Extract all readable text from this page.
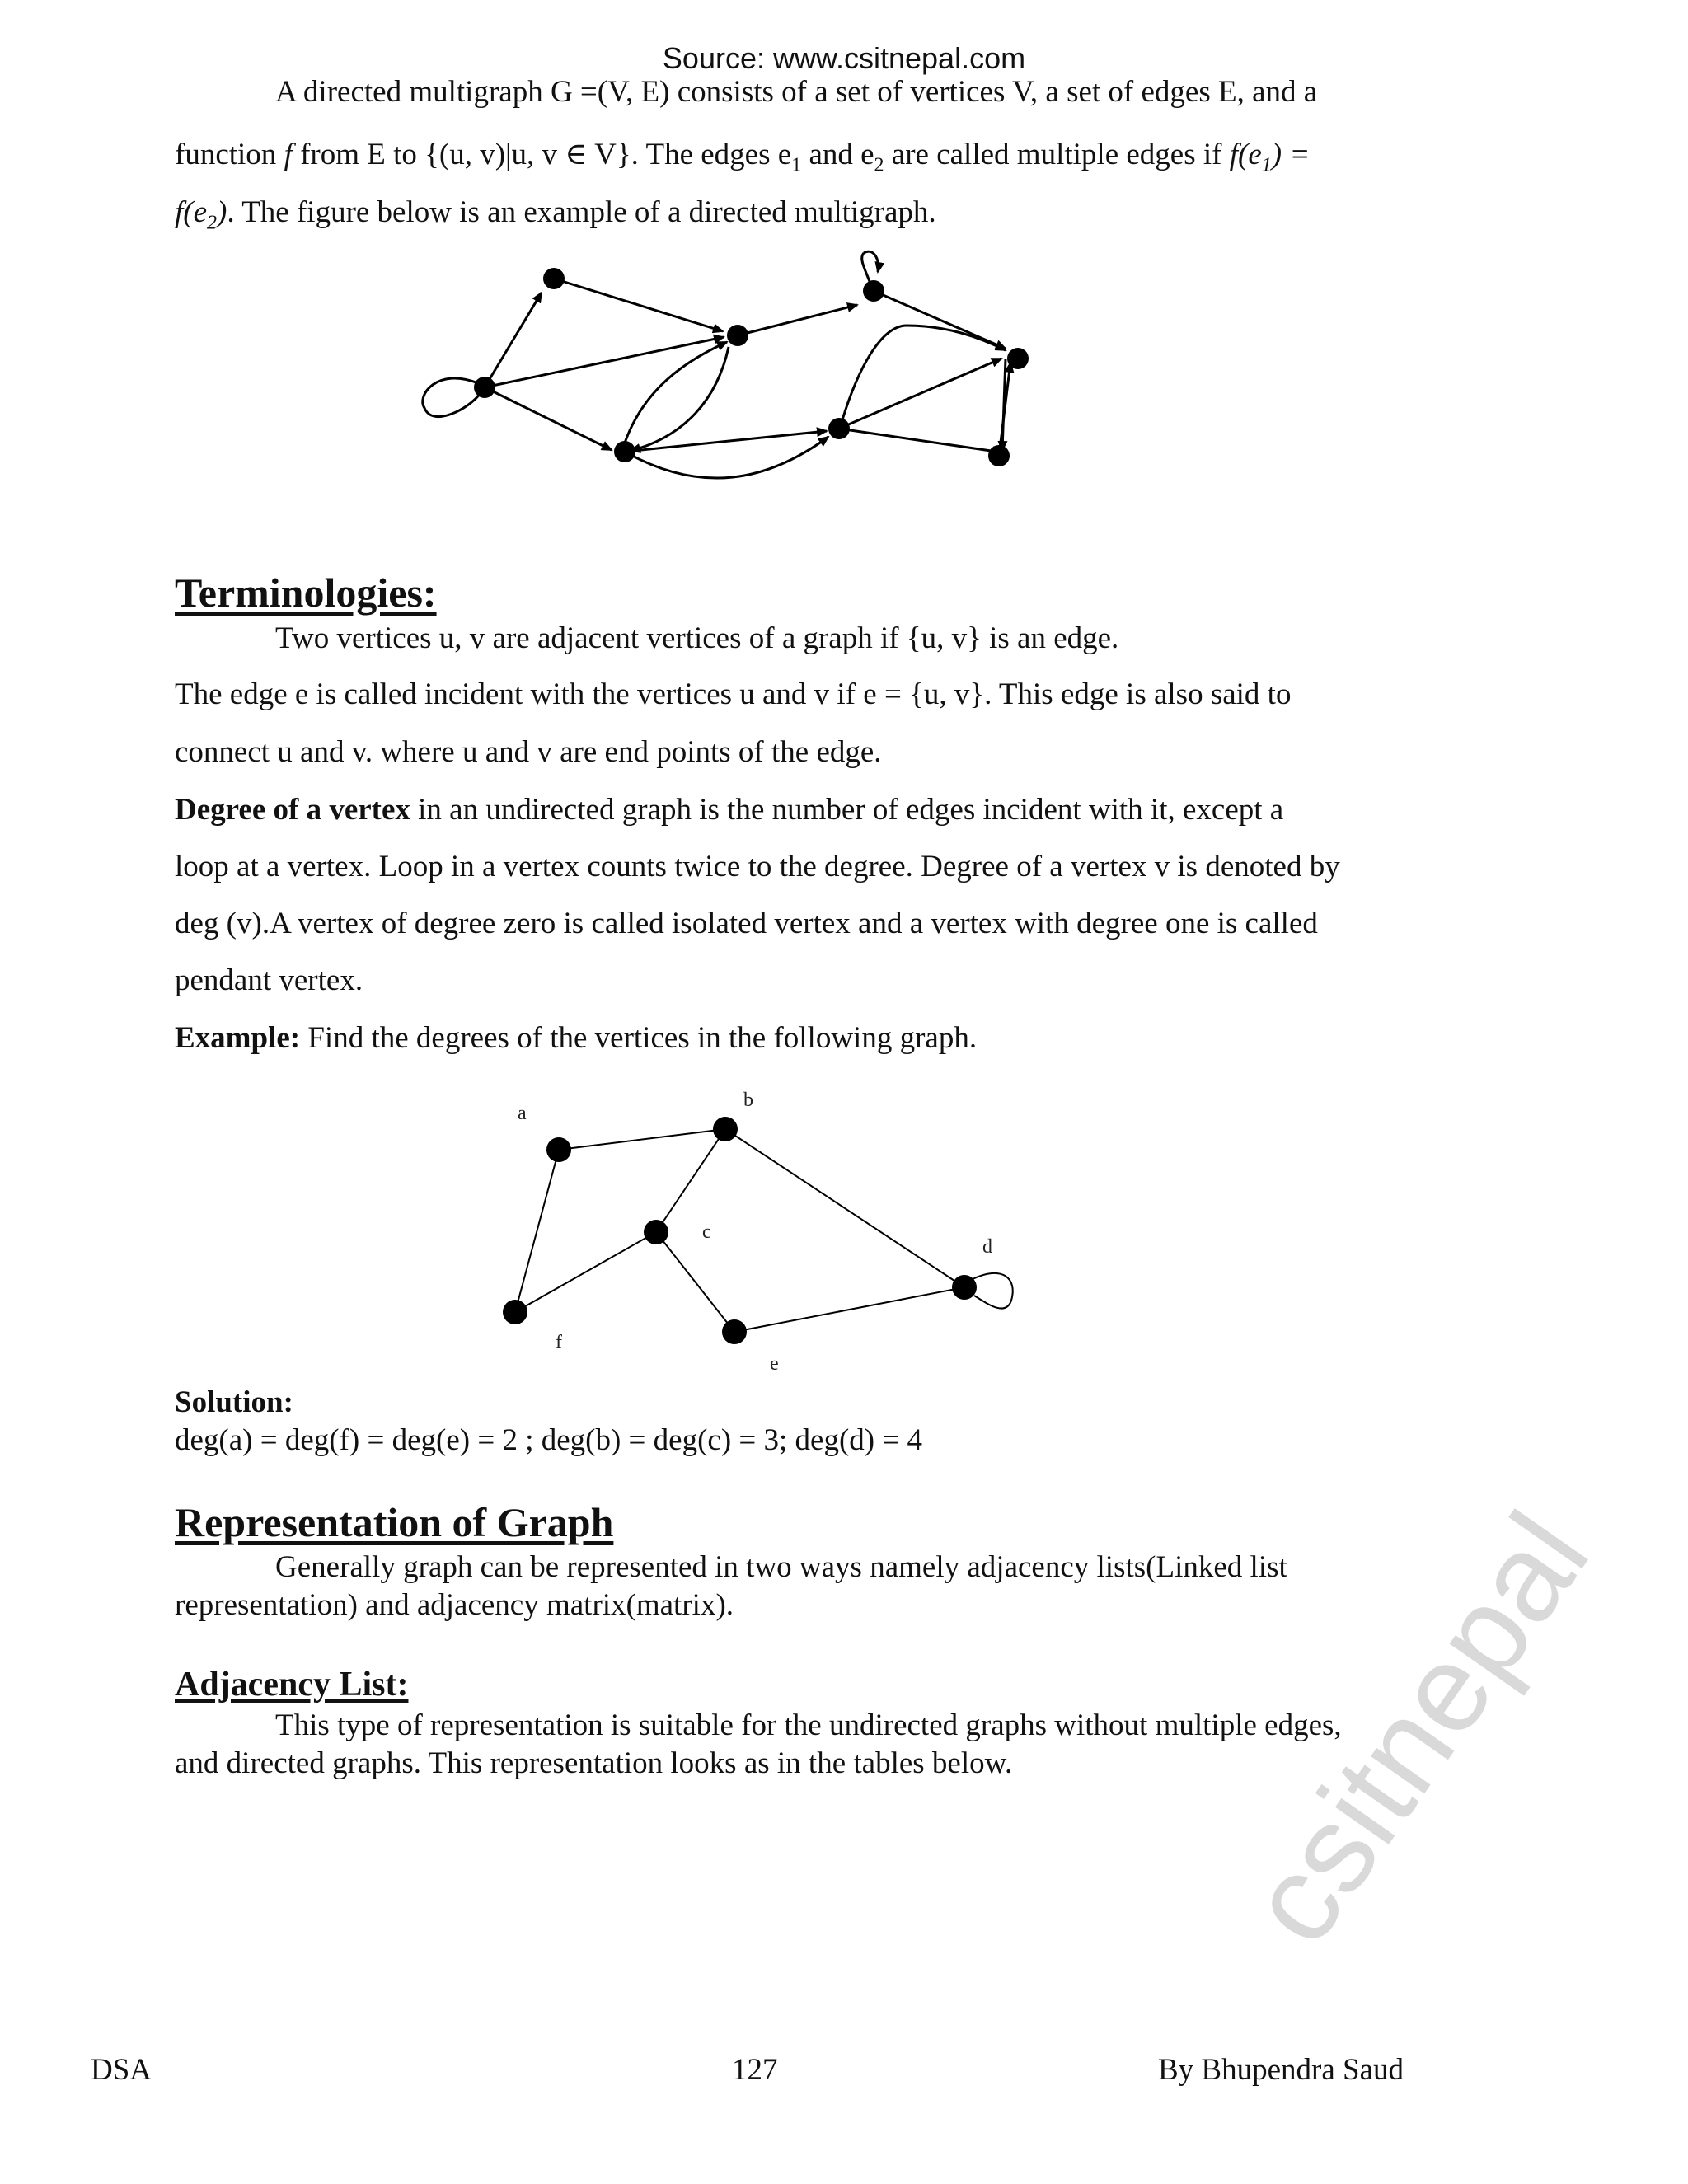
Source: www.csitnepal.com
A directed multigraph G =(V, E) consists of a set of vertices V, a set of edges E, and a
function f from E to {(u, v)|u, v ∈ V}. The edges $e_1$ and $e_2$ are called multiple edges if $f(e_1)$ =
$f(e_2)$. The figure below is an example of a directed multigraph.
Terminologies:
Two vertices u, v are adjacent vertices of a graph if {u, v} is an edge.
The edge e is called incident with the vertices u and v if e = {u, v}. This edge is also said to
connect u and v. where u and v are end points of the edge.
Degree of a vertex in an undirected graph is the number of edges incident with it, except a
loop at a vertex. Loop in a vertex counts twice to the degree. Degree of a vertex v is denoted by
deg (v).A vertex of degree zero is called isolated vertex and a vertex with degree one is called
pendant vertex.
Example: Find the degrees of the vertices in the following graph.
a
b
c
d
e
f
Solution:
deg(a) = deg(f) = deg(e) = 2 ; deg(b) = deg(c) = 3; deg(d) = 4
Representation of Graph
Generally graph can be represented in two ways namely adjacency lists(Linked list
representation) and adjacency matrix(matrix).
Adjacency List:
This type of representation is suitable for the undirected graphs without multiple edges,
and directed graphs. This representation looks as in the tables below. csitnepal
DSA	127	By Bhupendra Saud
